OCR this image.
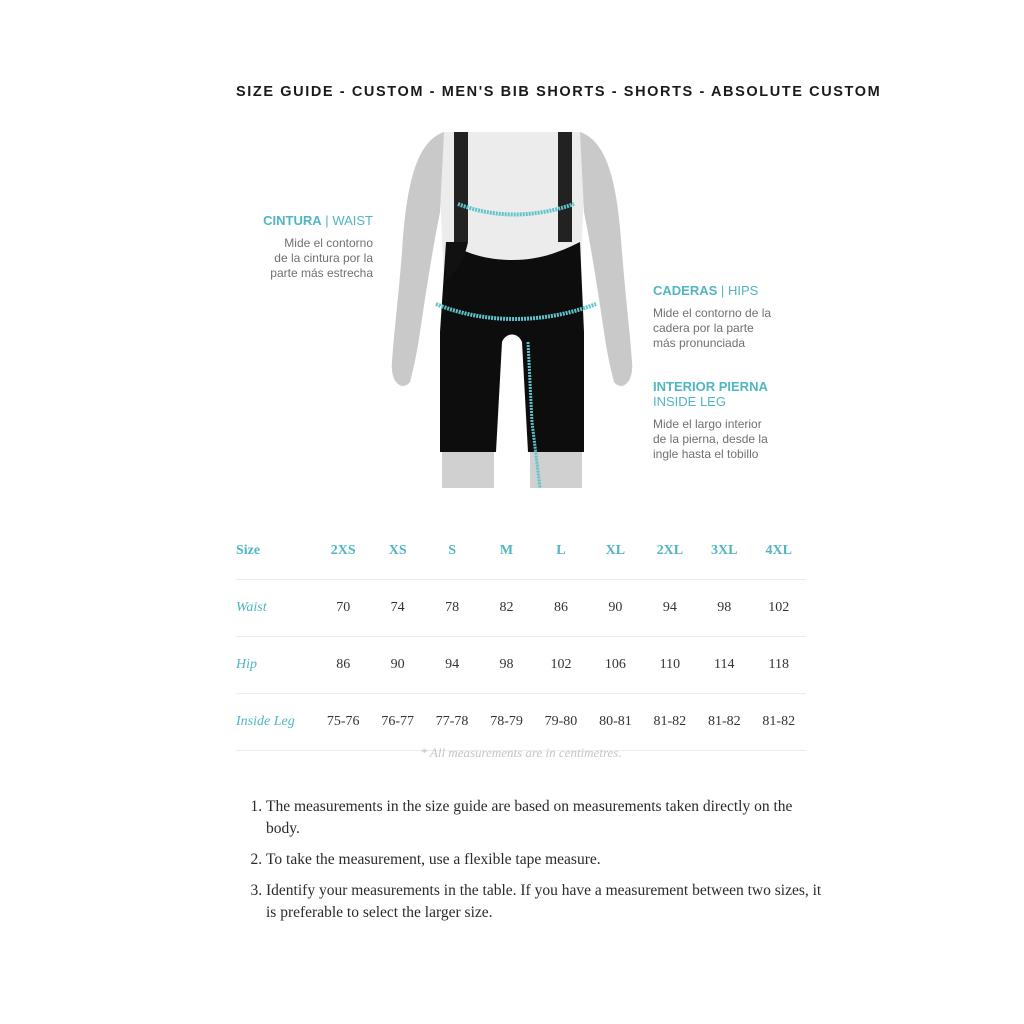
SIZE GUIDE - CUSTOM - MEN'S BIB SHORTS - SHORTS - ABSOLUTE CUSTOM
CINTURA | WAIST
Mide el contorno
de la cintura por la
parte más estrecha
CADERAS | HIPS
Mide el contorno de la
cadera por la parte
más pronunciada
INTERIOR PIERNA
INSIDE LEG
Mide el largo interior
de la pierna, desde la
ingle hasta el tobillo
Size	2XS	XS	S	M	L	XL	2XL	3XL	4XL
Waist	70	74	78	82	86	90	94	98	102
Hip	86	90	94	98	102	106	110	114	118
Inside Leg	75-76	76-77	77-78	78-79	79-80	80-81	81-82	81-82	81-82
* All measurements are in centimetres.
1. The measurements in the size guide are based on measurements taken directly on the body.
2. To take the measurement, use a flexible tape measure.
3. Identify your measurements in the table. If you have a measurement between two sizes, it is preferable to select the larger size.
